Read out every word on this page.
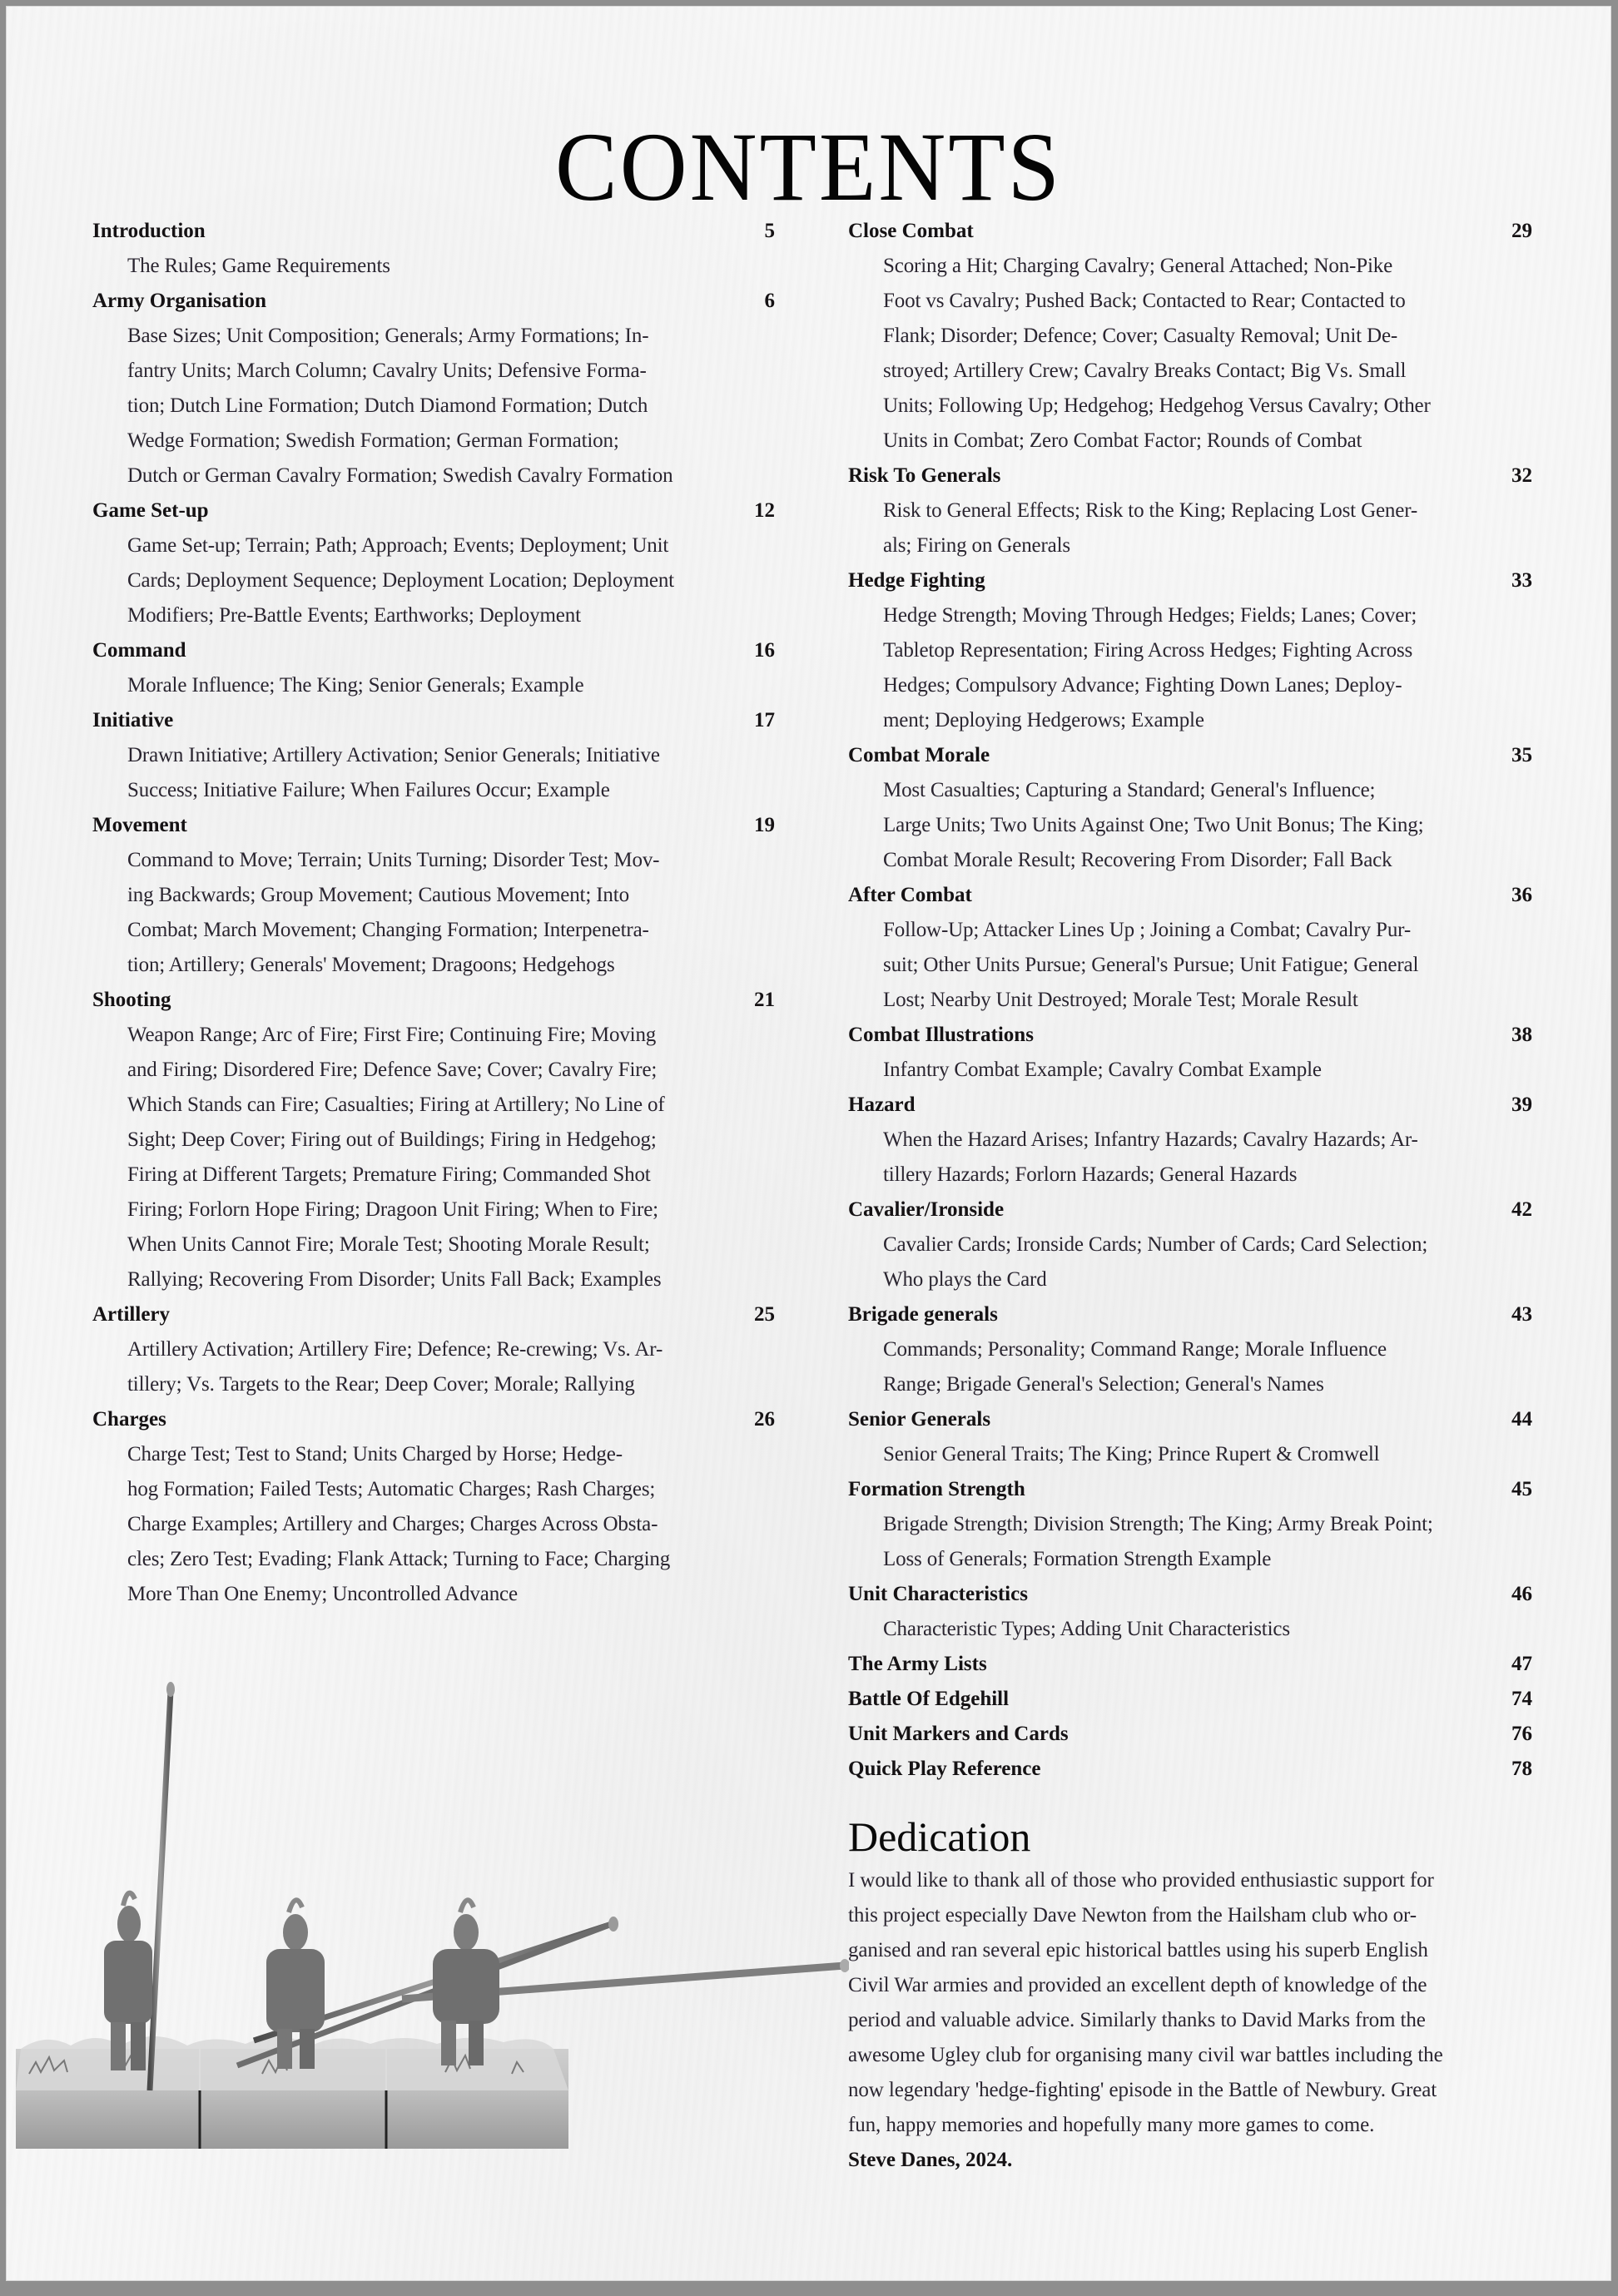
CONTENTS
Introduction	5
The Rules; Game Requirements
Army Organisation	6
Base Sizes; Unit Composition; Generals; Army Formations; In-
fantry Units; March Column; Cavalry Units; Defensive Forma-
tion; Dutch Line Formation; Dutch Diamond Formation; Dutch
Wedge Formation; Swedish Formation; German Formation;
Dutch or German Cavalry Formation; Swedish Cavalry Formation
Game Set-up	12
Game Set-up; Terrain; Path; Approach; Events; Deployment; Unit
Cards; Deployment Sequence; Deployment Location; Deployment
Modifiers; Pre-Battle Events; Earthworks; Deployment
Command	16
Morale Influence; The King; Senior Generals; Example
Initiative	17
Drawn Initiative; Artillery Activation; Senior Generals; Initiative
Success; Initiative Failure; When Failures Occur; Example
Movement	19
Command to Move; Terrain; Units Turning; Disorder Test; Mov-
ing Backwards; Group Movement; Cautious Movement; Into
Combat; March Movement; Changing Formation; Interpenetra-
tion; Artillery; Generals' Movement; Dragoons; Hedgehogs
Shooting	21
Weapon Range; Arc of Fire; First Fire; Continuing Fire; Moving
and Firing; Disordered Fire; Defence Save; Cover; Cavalry Fire;
Which Stands can Fire; Casualties; Firing at Artillery; No Line of
Sight; Deep Cover; Firing out of Buildings; Firing in Hedgehog;
Firing at Different Targets; Premature Firing; Commanded Shot
Firing; Forlorn Hope Firing; Dragoon Unit Firing; When to Fire;
When Units Cannot Fire; Morale Test; Shooting Morale Result;
Rallying; Recovering From Disorder; Units Fall Back; Examples
Artillery	25
Artillery Activation; Artillery Fire; Defence; Re-crewing; Vs. Ar-
tillery; Vs. Targets to the Rear; Deep Cover; Morale; Rallying
Charges	26
Charge Test; Test to Stand; Units Charged by Horse; Hedge-
hog Formation; Failed Tests; Automatic Charges; Rash Charges;
Charge Examples; Artillery and Charges; Charges Across Obsta-
cles; Zero Test; Evading; Flank Attack; Turning to Face; Charging
More Than One Enemy; Uncontrolled Advance
Close Combat	29
Scoring a Hit; Charging Cavalry; General Attached; Non-Pike
Foot vs Cavalry; Pushed Back; Contacted to Rear; Contacted to
Flank; Disorder; Defence; Cover; Casualty Removal; Unit De-
stroyed; Artillery Crew; Cavalry Breaks Contact; Big Vs. Small
Units; Following Up; Hedgehog; Hedgehog Versus Cavalry; Other
Units in Combat; Zero Combat Factor; Rounds of Combat
Risk To Generals	32
Risk to General Effects; Risk to the King; Replacing Lost Gener-
als; Firing on Generals
Hedge Fighting	33
Hedge Strength; Moving Through Hedges; Fields; Lanes; Cover;
Tabletop Representation; Firing Across Hedges; Fighting Across
Hedges; Compulsory Advance; Fighting Down Lanes; Deploy-
ment; Deploying Hedgerows; Example
Combat Morale	35
Most Casualties; Capturing a Standard; General's Influence;
Large Units; Two Units Against One; Two Unit Bonus; The King;
Combat Morale Result; Recovering From Disorder; Fall Back
After Combat	36
Follow-Up; Attacker Lines Up ; Joining a Combat; Cavalry Pur-
suit; Other Units Pursue; General's Pursue; Unit Fatigue; General
Lost; Nearby Unit Destroyed; Morale Test; Morale Result
Combat Illustrations	38
Infantry Combat Example; Cavalry Combat Example
Hazard	39
When the Hazard Arises; Infantry Hazards; Cavalry Hazards; Ar-
tillery Hazards; Forlorn Hazards; General Hazards
Cavalier/Ironside	42
Cavalier Cards; Ironside Cards; Number of Cards; Card Selection;
Who plays the Card
Brigade generals	43
Commands; Personality; Command Range; Morale Influence
Range; Brigade General's Selection; General's Names
Senior Generals	44
Senior General Traits; The King; Prince Rupert & Cromwell
Formation Strength	45
Brigade Strength; Division Strength; The King; Army Break Point;
Loss of Generals; Formation Strength Example
Unit Characteristics	46
Characteristic Types; Adding Unit Characteristics
The Army Lists	47
Battle Of Edgehill	74
Unit Markers and Cards	76
Quick Play Reference	78
Dedication

I would like to thank all of those who provided enthusiastic support for

this project especially Dave Newton from the Hailsham club who or-

ganised and ran several epic historical battles using his superb English

Civil War armies and provided an excellent depth of knowledge of the

period and valuable advice. Similarly thanks to David Marks from the

awesome Ugley club for organising many civil war battles including the

now legendary 'hedge-fighting' episode in the Battle of Newbury. Great

fun, happy memories and hopefully many more games to come.

Steve Danes, 2024.
